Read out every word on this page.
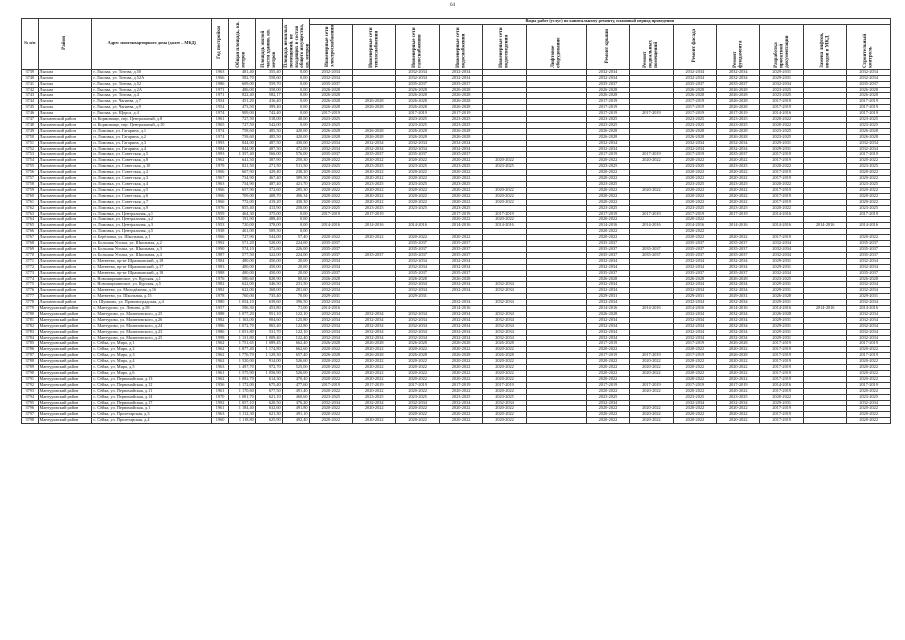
64
№ п/п	Район	Адрес многоквартирного дома (далее – МКД)	Год постройки	Общая площадь, кв. метров	Площадь жилой части здания, кв. метров	Площадь нежилых помещений, не входящих в состав общего имущества, кв. метров	Виды работ (услуг) по капитальному ремонту, плановый период проведения												
							Инженерные сети электроснабжения	Инженерные сети теплоснабжения	Инженерные сети газоснабжения	Инженерные сети водоснабжения	Инженерные сети водоотведения	Лифтовое оборудование	Ремонт крыши	Ремонт подвальных помещений	Ремонт фасада	Ремонт фундамента	Разработка проектной документации	Замена лифтов, вводов в МКД	Строительный контроль
3739	Лысьва	г. Лысьва, ул. Титова, д.50	1963	481,40	355,40	0,00	2032-2034		2032-2034	2032-2034			2032-2034		2032-2034	2032-2034	2029-2031		2032-2034
3740	Лысьва	г. Лысьва, ул. Титова, д.52А	1966	582,70	558,60	0,00	2032-2034		2032-2034	2032-2034			2032-2034		2032-2034	2032-2034	2029-2031		2032-2034
3741	Лысьва	г. Лысьва, ул. Титова, д.52	1986	609,00	559,70	0,00	2035-2037		2035-2037	2035-2037			2035-2037		2035-2037	2035-2037	2032-2034		2035-2037
3742	Лысьва	г. Лысьва, ул. Титова, д.2А	1971	486,00	358,00	0,00	2026-2028		2026-2028	2026-2028			2026-2028		2026-2028	2026-2028	2023-2025		2026-2028
3743	Лысьва	г. Лысьва, ул. Титова, д.4	1971	822,40	582,17	0,00	2026-2028		2026-2028	2026-2028			2026-2028		2026-2028	2026-2028	2023-2025		2026-2028
3744	Лысьва	г. Лысьва, ул. Чапаева, д.7	1954	451,20	416,40	0,00	2026-2028	2026-2028	2026-2028	2026-2028			2017-2019		2017-2019	2026-2028	2017-2019		2017-2019
3745	Лысьва	г. Лысьва, ул. Чапаева, д.9	1954	473,50	399,40	0,00	2026-2028	2026-2028	2026-2028	2026-2028			2017-2019		2017-2019	2026-2028	2017-2019		2017-2019
3746	Лысьва	г. Лысьва, ул. Щорса, д.4	1974	909,00	742,40	0,00	2017-2019		2017-2019	2017-2019			2017-2019	2017-2019	2017-2019	2017-2019	2014-2016		2017-2019
3747	Лысьвенский район	п. Кормовище, пер. Центральный, д.8	1961	727,50	518,00	48,00	2023-2025		2023-2025	2023-2025			2023-2025		2023-2025	2023-2025	2020-2022		2023-2025
3748	Лысьвенский район	п. Кормовище, пер. Центральный, д.10	1965	727,50	542,00	0,00	2023-2025		2023-2025	2023-2025			2023-2025		2023-2025	2023-2025	2020-2022		2023-2025
3749	Лысьвенский район	п. Ломовка, ул. Гагарина, д.1	1974	758,60	485,50	420,00	2026-2028	2026-2028	2026-2028	2026-2028			2026-2028		2026-2028	2026-2028	2023-2025		2026-2028
3750	Лысьвенский район	п. Ломовка, ул. Гагарина, д.2	1974	758,60	485,50	420,00	2026-2028	2026-2028	2026-2028	2026-2028			2026-2028		2026-2028	2026-2028	2023-2025		2026-2028
3751	Лысьвенский район	п. Ломовка, ул. Гагарина, д.3	1993	844,00	487,50	430,00	2032-2034	2032-2034	2032-2034	2032-2034			2032-2034		2032-2034	2032-2034	2029-2031		2032-2034
3752	Лысьвенский район	п. Ломовка, ул. Гагарина, д.4	1984	844,00	487,50	472,00	2032-2034	2032-2034	2032-2034	2032-2034			2032-2034		2032-2034	2032-2034	2029-2031		2032-2034
3753	Лысьвенский район	п. Ломовка, ул. Советская, д.5	1993	1 357,40	566,00	576,00	2035-2037	2035-2037	2035-2037	2035-2037			2017-2019	2017-2019	2017-2019	2035-2037	2017-2019		2017-2019
3754	Лысьвенский район	п. Ломовка, ул. Советская, д.8	1962	641,50	387,90	250,30	2020-2022	2020-2022	2020-2022	2020-2022	2020-2022		2020-2022	2020-2022	2020-2022	2020-2022	2017-2019		2020-2022
3755	Лысьвенский район	п. Ломовка, ул. Советская, д.10	1979	821,50	271,50	511,50	2023-2025	2023-2025	2023-2025	2023-2025	2023-2025		2023-2025		2023-2025	2023-2025	2020-2022		2023-2025
3756	Лысьвенский район	п. Ломовка, ул. Советская, д.2	1966	667,90	429,40	238,20	2020-2022	2020-2022	2020-2022	2020-2022			2020-2022		2020-2022	2020-2022	2017-2019		2020-2022
3757	Лысьвенский район	п. Ломовка, ул. Советская, д.3	1967	734,90	467,40	389,50	2020-2022	2020-2022	2020-2022	2020-2022			2020-2022		2020-2022	2020-2022	2017-2019		2020-2022
3758	Лысьвенский район	п. Ломовка, ул. Советская, д.4	1963	734,90	487,40	421,70	2023-2025	2023-2025	2023-2025	2023-2025			2023-2025		2023-2025	2023-2025	2020-2022		2023-2025
3759	Лысьвенский район	п. Ломовка, ул. Советская, д.5	1966	657,90	372,60	285,30	2020-2022	2020-2022	2020-2022	2020-2022	2020-2022		2020-2022	2020-2022	2020-2022	2020-2022	2017-2019		2020-2022
3760	Лысьвенский район	п. Ломовка, ул. Советская, д.6	1966	709,00	408,70	406,34	2020-2022	2020-2022	2020-2022	2020-2022	2020-2022		2020-2022		2020-2022	2020-2022	2017-2019		2020-2022
3761	Лысьвенский район	п. Ломовка, ул. Советская, д.7	1966	772,00	419,20	430,30	2020-2022	2020-2022	2020-2022	2020-2022	2020-2022		2020-2022		2020-2022	2020-2022	2017-2019		2020-2022
3762	Лысьвенский район	п. Ломовка, ул. Советская, д.9	1976	855,40	413,90	258,00	2023-2025	2023-2025	2023-2025	2023-2025			2023-2025		2023-2025	2023-2025	2020-2022		2023-2025
3763	Лысьвенский район	п. Ломовка, ул. Центральная, д.1	1959	464,30	375,00	0,00	2017-2019	2017-2019		2017-2019	2017-2019		2017-2019	2017-2019	2017-2019	2017-2019	2014-2016		2017-2019
3764	Лысьвенский район	п. Ломовка, ул. Центральная, д.2	1920	191,90	488,40	0,00				2020-2022	2020-2022		2020-2022		2020-2022				
3765	Лысьвенский район	п. Ломовка, ул. Центральная, д.3	1953	720,00	378,00	0,00	2014-2016	2014-2016	2014-2016	2014-2016	2014-2016		2014-2016	2014-2016	2014-2016	2014-2016	2014-2016	2014-2016	2014-2016
3766	Лысьвенский район	п. Ломовка, ул. Центральная, д.5	1938	461,00	509,50	0,00							2020-2022		2020-2022				
3767	Лысьвенский район	п. Берёзовка, ул. Школьная, д.1	1966	727,90	544,00	57,40	2020-2022	2020-2022	2020-2022	2020-2022			2020-2022		2020-2022	2020-2022	2017-2019		2020-2022
3768	Лысьвенский район	п. Большая Уголка, ул. Школьная, д.2	1992	571,20	520,00	224,00	2035-2037		2035-2037	2035-2037			2035-2037		2035-2037	2035-2037	2032-2034		2035-2037
3769	Лысьвенский район	п. Большая Уголка, ул. Школьная, д.3	1990	574,10	372,60	226,00	2035-2037		2035-2037	2035-2037			2035-2037	2035-2037	2035-2037	2035-2037	2032-2034		2035-2037
3770	Лысьвенский район	п. Большая Уголка, ул. Школьная, д.4	1987	577,50	322,00	224,00	2035-2037	2035-2037	2035-2037	2035-2037			2035-2037	2035-2037	2035-2037	2035-2037	2032-2034		2035-2037
3771	Лысьвенский район	с. Матвеево, пр-кт Шрамковский, д.18	1984	480,00	450,00	20,00	2032-2034		2032-2034	2032-2034			2032-2034		2032-2034	2032-2034	2029-2031		2032-2034
3772	Лысьвенский район	с. Матвеево, пр-кт Шрамковский, д.17	1983	480,00	450,00	20,00	2032-2034		2032-2034	2032-2034			2032-2034		2032-2034	2032-2034	2029-2031		2032-2034
3773	Лысьвенский район	с. Матвеево, пр-кт Шрамковский, д.18	1988	480,00	450,00	20,00	2035-2037		2035-2037	2035-2037			2035-2037		2035-2037	2035-2037	2032-2034		2035-2037
3774	Лысьвенский район	с. Новоширшинское, ул. Курская, д.1	1976	580,60	828,90	80,60	2026-2028		2026-2028	2026-2028			2026-2028		2026-2028	2026-2028	2023-2025		2026-2028
3775	Лысьвенский район	с. Новоширшинское, ул. Курская, д.5	1982	622,00	346,50	231,50	2032-2034		2032-2034	2032-2034	2032-2034		2032-2034		2032-2034	2032-2034	2029-2031		2032-2034
3776	Лысьвенский район	с. Матвеево, ул. Молодёжная, д.16	1982	622,00	368,00	281,60	2032-2034		2032-2034	2032-2034	2032-2034		2032-2034		2032-2034	2032-2034	2029-2031		2032-2034
3777	Лысьвенский район	с. Матвеево, ул. Школьная, д.15	1978	760,00	735,40	70,00	2029-2031		2029-2031				2029-2031		2029-2031	2029-2031	2026-2028		2029-2031
3778	Лысьвенский район	ст. Шумково, ул. Правоноградская, д.4	1980	1 054,10	639,60	396,50	2032-2034			2032-2034	2032-2034		2032-2034		2032-2034	2032-2034	2029-2031		2032-2034
3779	Мантуровский район	с. Мантурово, ул. Ленина, д.58	1957	596,30	453,80	71,00	2014-2016			2014-2016			2014-2016	2014-2016	2014-2016	2014-2016	2014-2016	2014-2016	2014-2016
3780	Мантуровский район	с. Мантурово, ул. Малиновского, д.25	1988	1 077,20	951,10	122,10	2032-2034	2032-2034	2032-2034	2032-2034	2032-2034		2026-2028		2032-2034	2032-2034	2026-2028		2032-2034
3781	Мантуровский район	с. Мантурово, ул. Малиновского, д.26	1982	1 163,00	904,60	125,80	2032-2034	2032-2034	2032-2034	2032-2034	2032-2034		2032-2034		2032-2034	2032-2034	2029-2031		2032-2034
3782	Мантуровский район	с. Мантурово, ул. Малиновского, д.24	1986	1 072,70	865,40	122,80	2032-2034	2032-2034	2032-2034	2032-2034	2032-2034		2032-2034		2032-2034	2032-2034	2029-2031		2032-2034
3783	Мантуровский район	с. Мантурово, ул. Малиновского, д.23	1986	1 051,80	531,70	122,10	2032-2034	2032-2034	2032-2034	2032-2034	2032-2034		2032-2034		2032-2034	2032-2034	2029-2031		2032-2034
3784	Мантуровский район	с. Мантурово, ул. Малиновского, д.25	1998	1 131,80	1 009,40	122,40	2032-2034	2032-2034	2032-2034	2032-2034	2032-2034		2032-2034		2032-2034	2032-2034	2029-2031		2032-2034
3785	Мантуровский район	с. Сёйка, ул. Мира, д.1	1962	1 751,65	1 089,45	662,40	2026-2028	2026-2028	2026-2028	2026-2028	2026-2028		2017-2019		2017-2019	2026-2028	2017-2019		2017-2019
3786	Мантуровский район	с. Сёйка, ул. Мира, д.2	1962	1 877,40	1 174,80	662,60	2020-2022	2020-2022	2020-2022	2020-2022	2020-2022		2020-2022		2020-2022	2020-2022	2017-2019		2020-2022
3787	Мантуровский район	с. Сёйка, ул. Мира, д.3	1962	1 776,70	1 129,30	657,40	2026-2028	2026-2028	2026-2028	2026-2028	2026-2028		2017-2019	2017-2019	2017-2019	2026-2028	2017-2019		2017-2019
3788	Мантуровский район	с. Сёйка, ул. Мира, д.4	1962	1 520,00	914,00	526,60	2020-2022	2020-2022	2020-2022	2020-2022	2020-2022		2020-2022	2020-2022	2020-2022	2020-2022	2017-2019		2020-2022
3789	Мантуровский район	с. Сёйка, ул. Мира, д.5	1963	1 497,70	972,70	525,00	2020-2022	2020-2022	2020-2022	2020-2022	2020-2022		2020-2022	2020-2022	2020-2022	2020-2022	2017-2019		2020-2022
3790	Мантуровский район	с. Сёйка, ул. Мира, д.6	1961	1 575,90	1 056,90	526,00	2020-2022	2020-2022	2020-2022	2020-2022	2020-2022		2020-2022	2020-2022	2020-2022	2020-2022	2017-2019		2020-2022
3791	Мантуровский район	с. Сёйка, ул. Первомайская, д.13	1962	1 082,70	614,30	470,40	2020-2022	2020-2022	2020-2022	2020-2022	2020-2022		2020-2022		2020-2022	2020-2022	2017-2019		2020-2022
3792	Мантуровский район	с. Сёйка, ул. Первомайская, д.12	1956	1 172,00	675,40	477,60	2017-2019	2017-2019	2017-2019	2017-2019	2017-2019		2017-2019	2017-2019	2017-2019	2017-2019	2014-2016		2017-2019
3793	Мантуровский район	с. Сёйка, ул. Первомайская, д.11	1961	1 170,60	677,50	491,40	2020-2022	2020-2022	2020-2022	2020-2022	2020-2022		2020-2022	2020-2022	2020-2022	2020-2022	2017-2019		2020-2022
3794	Мантуровский район	с. Сёйка, ул. Первомайская, д.14	1970	1 081,70	621,10	460,60	2023-2025	2023-2025	2023-2025	2023-2025	2023-2025		2023-2025		2023-2025	2023-2025	2020-2022		2023-2025
3795	Мантуровский район	с. Сёйка, ул. Первомайская, д.17	1992	1 057,10	620,50	476,20	2032-2034	2032-2034	2032-2034	2032-2034	2032-2034		2032-2034		2032-2034	2032-2034	2029-2031		2032-2034
3796	Мантуровский район	с. Сёйка, ул. Первомайская, д.1	1961	1 184,40	632,60	491,80	2020-2022	2020-2022	2020-2022	2020-2022	2020-2022		2020-2022	2020-2022	2020-2022	2020-2022	2017-2019		2020-2022
3797	Мантуровский район	с. Сёйка, ул. Пролетарская, д.3	1963	1 112,30	621,30	491,10	2020-2022		2020-2022	2020-2022	2020-2022		2020-2022	2020-2022	2020-2022	2020-2022	2017-2019		2020-2022
3798	Мантуровский район	с. Сёйка, ул. Пролетарская, д.4	1960	1 118,80	625,90	492,40	2020-2022	2020-2022	2020-2022	2020-2022	2020-2022		2020-2022	2020-2022	2020-2022	2020-2022	2017-2019		2020-2022
